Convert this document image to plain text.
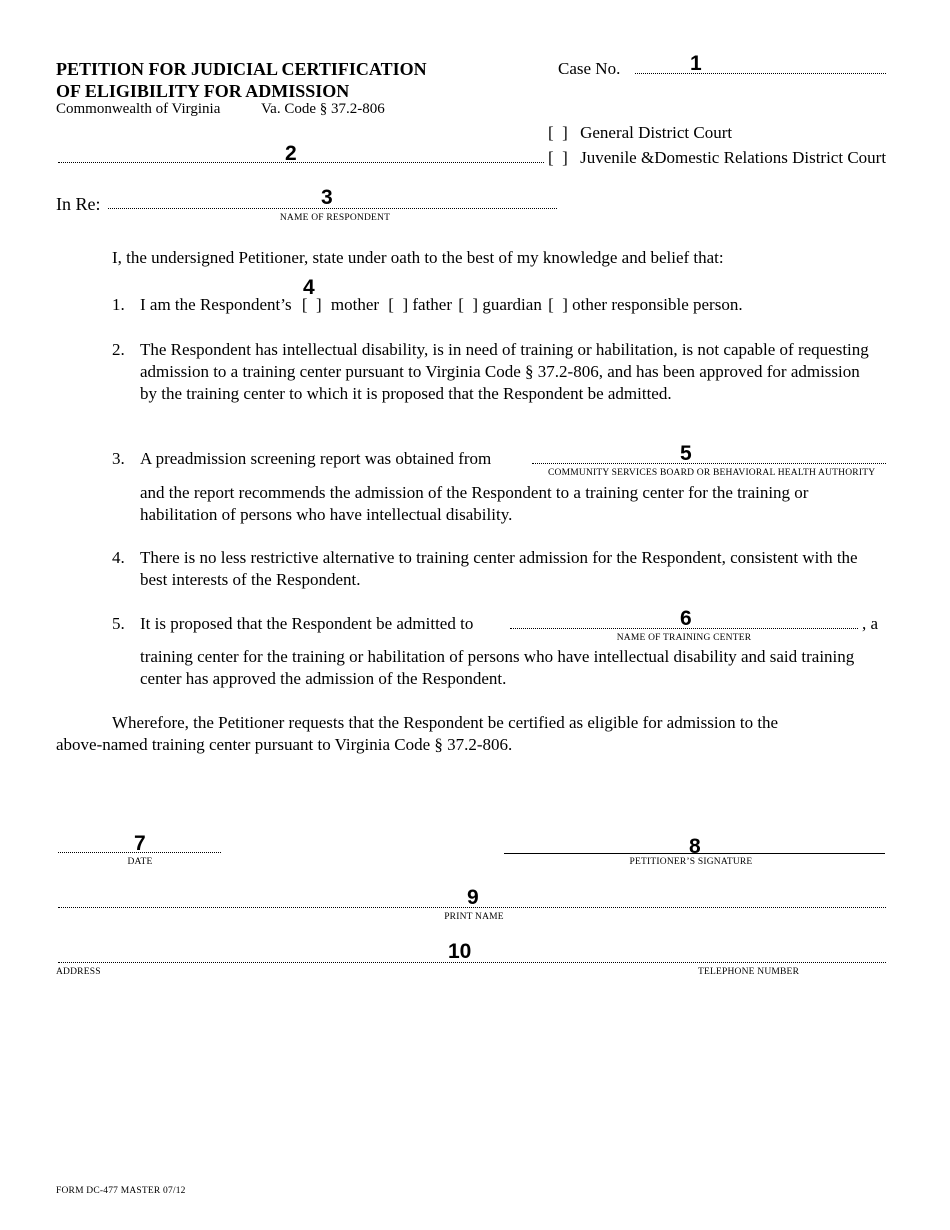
PETITION FOR JUDICIAL CERTIFICATION
OF ELIGIBILITY FOR ADMISSION
Commonwealth of Virginia	Va. Code § 37.2-806
Case No.	1
[  ] General District Court
[  ] Juvenile &Domestic Relations District Court
2
In Re:	3
NAME OF RESPONDENT
I, the undersigned Petitioner, state under oath to the best of my knowledge and belief that:
4
1. I am the Respondent’s [  ] mother [  ] father [  ] guardian [  ] other responsible person.
2. The Respondent has intellectual disability, is in need of training or habilitation, is not capable of requesting admission to a training center pursuant to Virginia Code § 37.2-806, and has been approved for admission by the training center to which it is proposed that the Respondent be admitted.
3. A preadmission screening report was obtained from	5
COMMUNITY SERVICES BOARD OR BEHAVIORAL HEALTH AUTHORITY
and the report recommends the admission of the Respondent to a training center for the training or habilitation of persons who have intellectual disability.
4. There is no less restrictive alternative to training center admission for the Respondent, consistent with the best interests of the Respondent.
5. It is proposed that the Respondent be admitted to	6	, a
NAME OF TRAINING CENTER
training center for the training or habilitation of persons who have intellectual disability and said training center has approved the admission of the Respondent.
Wherefore, the Petitioner requests that the Respondent be certified as eligible for admission to the
above-named training center pursuant to Virginia Code § 37.2-806.
7
DATE
8
PETITIONER’S SIGNATURE
9
PRINT NAME
10
ADDRESS	TELEPHONE NUMBER
FORM DC-477 MASTER 07/12
